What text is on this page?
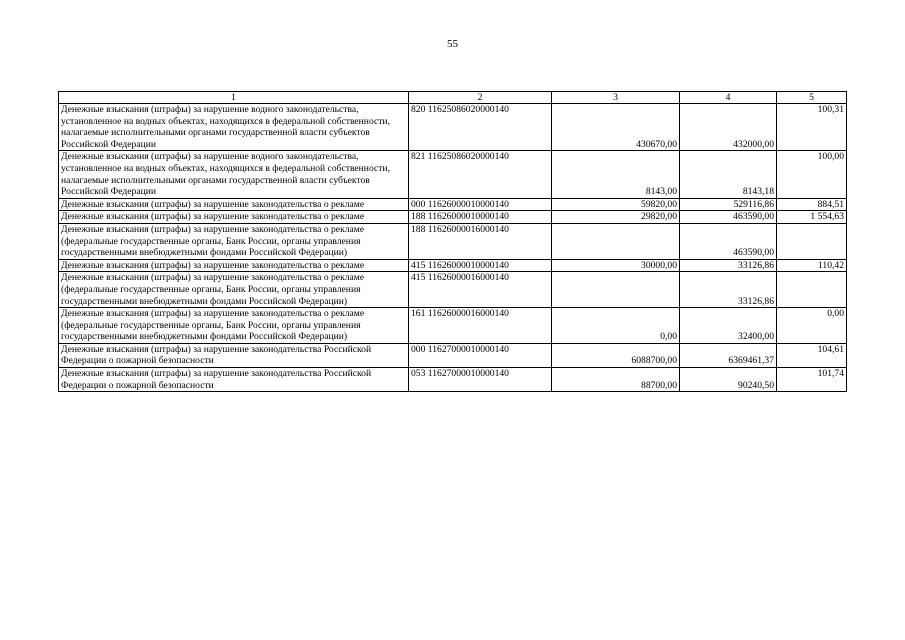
55
1	2	3	4	5
Денежные взыскания (штрафы) за нарушение водного законодательства, установленное на водных объектах, находящихся в федеральной собственности, налагаемые исполнительными органами государственной власти субъектов Российской Федерации	820 11625086020000140	430670,00	432000,00	100,31
Денежные взыскания (штрафы) за нарушение водного законодательства, установленное на водных объектах, находящихся в федеральной собственности, налагаемые исполнительными органами государственной власти субъектов Российской Федерации	821 11625086020000140	8143,00	8143,18	100,00
Денежные взыскания (штрафы) за нарушение законодательства о рекламе	000 11626000010000140	59820,00	529116,86	884,51
Денежные взыскания (штрафы) за нарушение законодательства о рекламе	188 11626000010000140	29820,00	463590,00	1 554,63
Денежные взыскания (штрафы) за нарушение законодательства о рекламе (федеральные государственные органы, Банк России, органы управления государственными внебюджетными фондами Российской Федерации)	188 11626000016000140		463590,00	
Денежные взыскания (штрафы) за нарушение законодательства о рекламе	415 11626000010000140	30000,00	33126,86	110,42
Денежные взыскания (штрафы) за нарушение законодательства о рекламе (федеральные государственные органы, Банк России, органы управления государственными внебюджетными фондами Российской Федерации)	415 11626000016000140		33126,86	
Денежные взыскания (штрафы) за нарушение законодательства о рекламе (федеральные государственные органы, Банк России, органы управления государственными внебюджетными фондами Российской Федерации)	161 11626000016000140	0,00	32400,00	0,00
Денежные взыскания (штрафы) за нарушение законодательства Российской Федерации о пожарной безопасности	000 11627000010000140	6088700,00	6369461,37	104,61
Денежные взыскания (штрафы) за нарушение законодательства Российской Федерации о пожарной безопасности	053 11627000010000140	88700,00	90240,50	101,74
